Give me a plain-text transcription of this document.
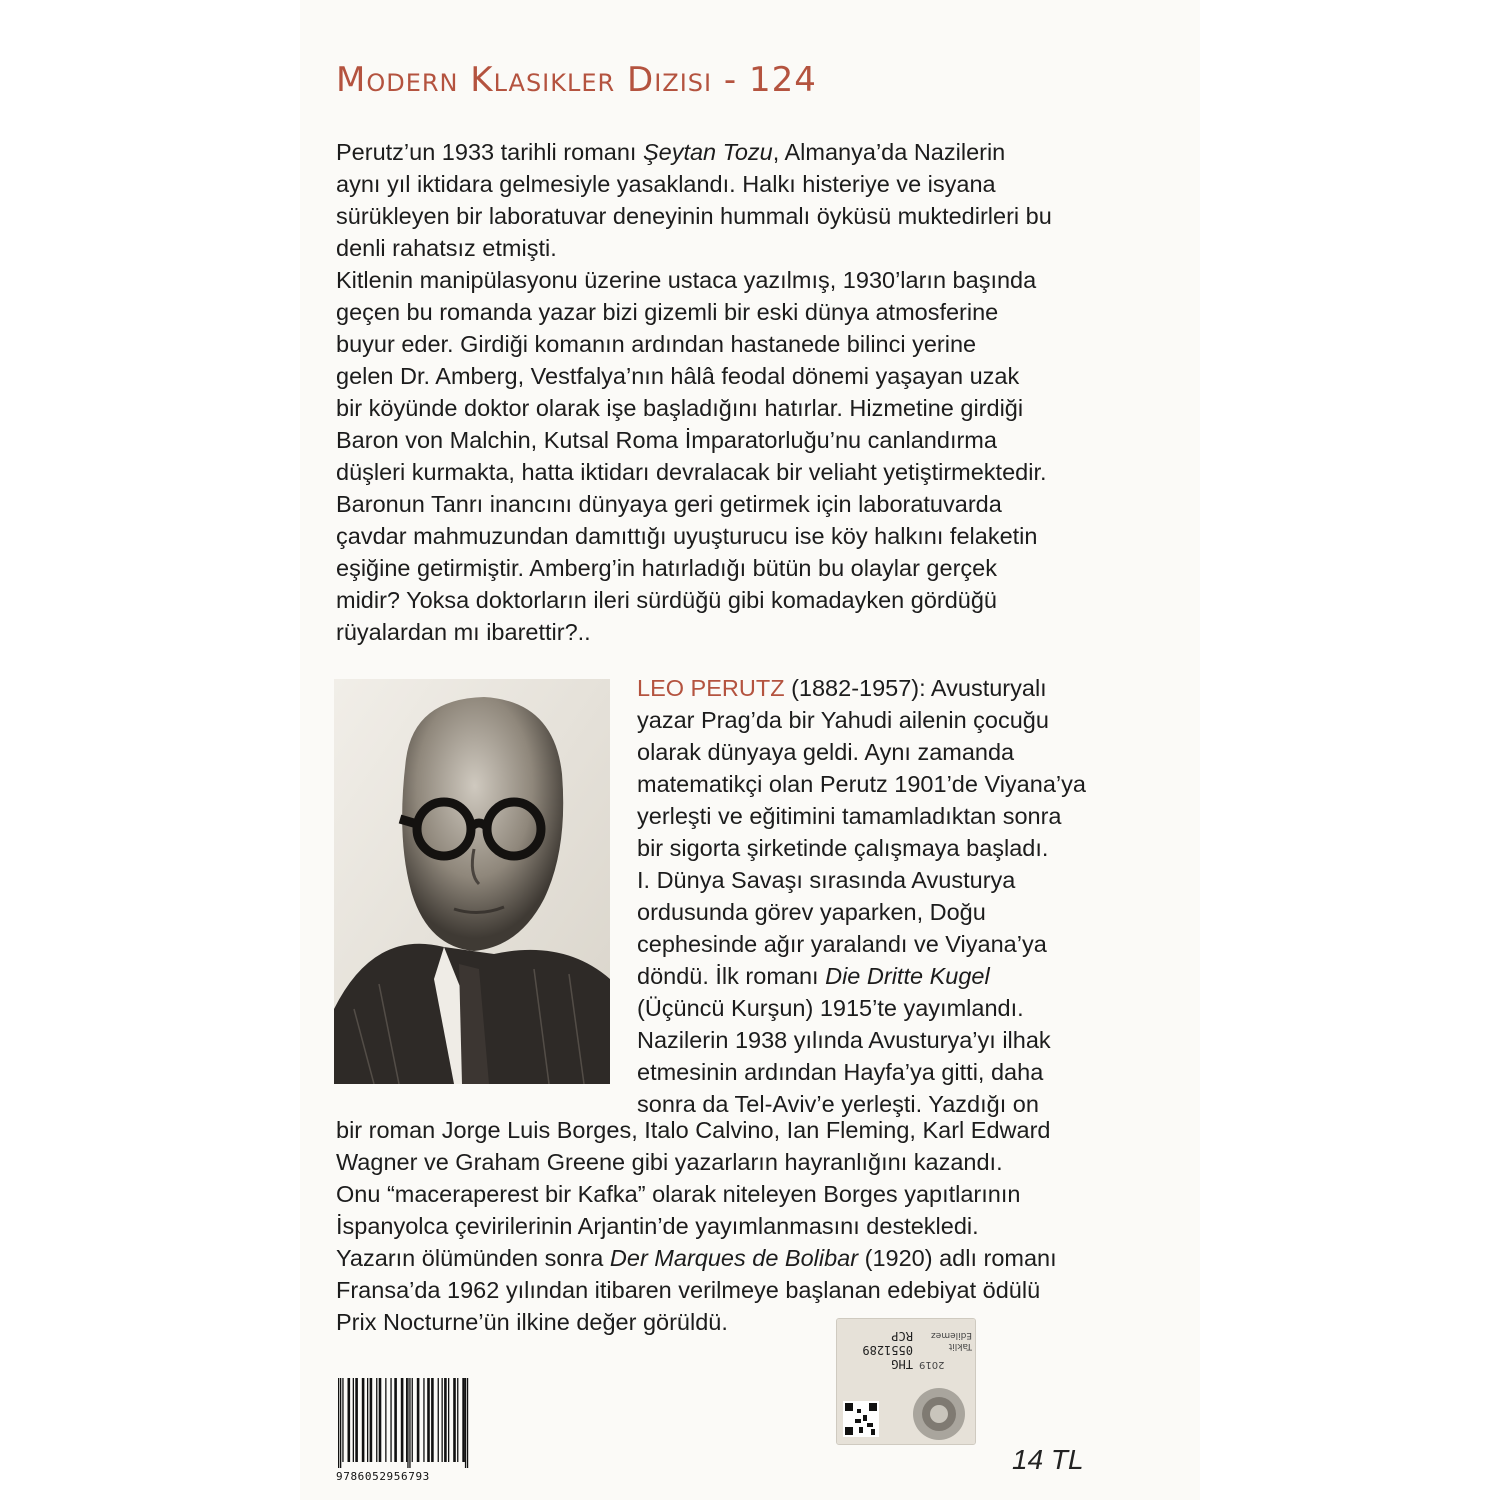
Modern Klasikler Dizisi - 124
Perutz’un 1933 tarihli romanı Şeytan Tozu, Almanya’da Nazilerin
aynı yıl iktidara gelmesiyle yasaklandı. Halkı histeriye ve isyana
sürükleyen bir laboratuvar deneyinin hummalı öyküsü muktedirleri bu
denli rahatsız etmişti.
Kitlenin manipülasyonu üzerine ustaca yazılmış, 1930’ların başında
geçen bu romanda yazar bizi gizemli bir eski dünya atmosferine
buyur eder. Girdiği komanın ardından hastanede bilinci yerine
gelen Dr. Amberg, Vestfalya’nın hâlâ feodal dönemi yaşayan uzak
bir köyünde doktor olarak işe başladığını hatırlar. Hizmetine girdiği
Baron von Malchin, Kutsal Roma İmparatorluğu’nu canlandırma
düşleri kurmakta, hatta iktidarı devralacak bir veliaht yetiştirmektedir.
Baronun Tanrı inancını dünyaya geri getirmek için laboratuvarda
çavdar mahmuzundan damıttığı uyuşturucu ise köy halkını felaketin
eşiğine getirmiştir. Amberg’in hatırladığı bütün bu olaylar gerçek
midir? Yoksa doktorların ileri sürdüğü gibi komadayken gördüğü
rüyalardan mı ibarettir?..
LEO PERUTZ (1882-1957): Avusturyalı
yazar Prag’da bir Yahudi ailenin çocuğu
olarak dünyaya geldi. Aynı zamanda
matematikçi olan Perutz 1901’de Viyana’ya
yerleşti ve eğitimini tamamladıktan sonra
bir sigorta şirketinde çalışmaya başladı.
I. Dünya Savaşı sırasında Avusturya
ordusunda görev yaparken, Doğu
cephesinde ağır yaralandı ve Viyana’ya
döndü. İlk romanı Die Dritte Kugel
(Üçüncü Kurşun) 1915’te yayımlandı.
Nazilerin 1938 yılında Avusturya’yı ilhak
etmesinin ardından Hayfa’ya gitti, daha
sonra da Tel-Aviv’e yerleşti. Yazdığı on
bir roman Jorge Luis Borges, Italo Calvino, Ian Fleming, Karl Edward
Wagner ve Graham Greene gibi yazarların hayranlığını kazandı.
Onu “maceraperest bir Kafka” olarak niteleyen Borges yapıtlarının
İspanyolca çevirilerinin Arjantin’de yayımlanmasını destekledi.
Yazarın ölümünden sonra Der Marques de Bolibar (1920) adlı romanı
Fransa’da 1962 yılından itibaren verilmeye başlanan edebiyat ödülü
Prix Nocturne’ün ilkine değer görüldü.
THG 0551289 RCP
Taklit Edilemez
2019
9786052956793
14 TL
